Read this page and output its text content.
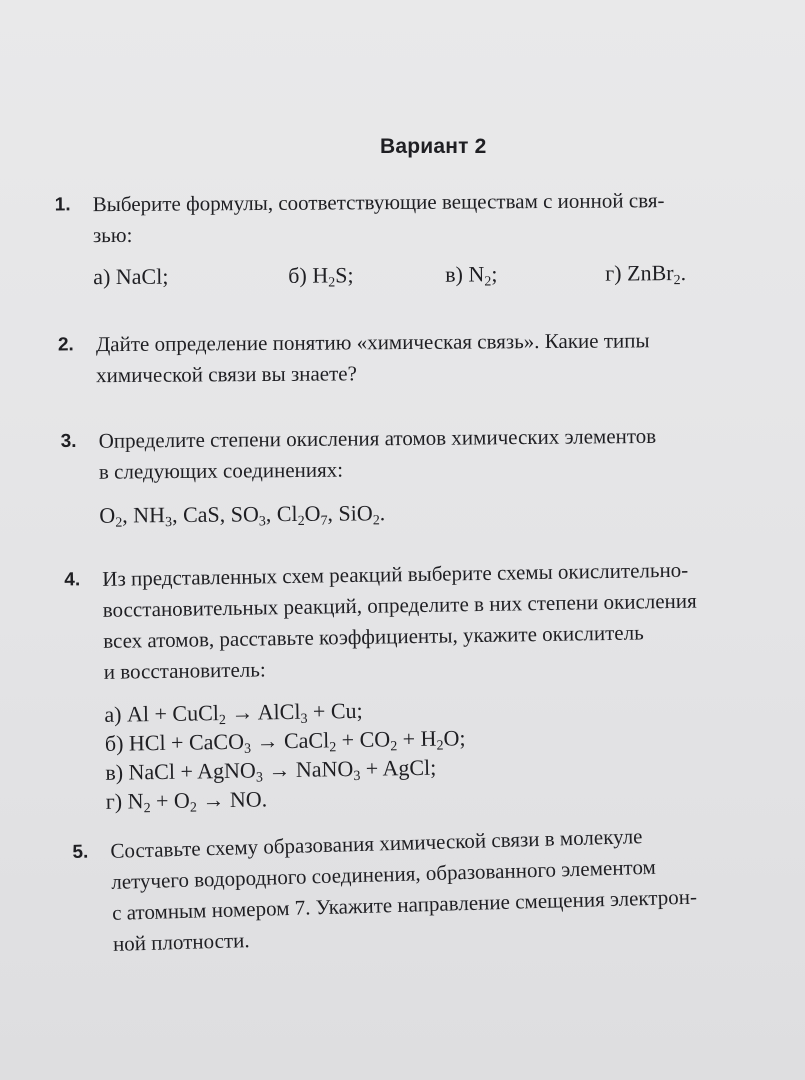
Вариант 2
1. Выберите формулы, соответствующие веществам с ионной свя-
зью:
а) NaCl;	б) $H_2S$;	в) $N_2$;	г) ZnBr$_2$.
2. Дайте определение понятию «химическая связь». Какие типы
химической связи вы знаете?
3. Определите степени окисления атомов химических элементов
в следующих соединениях:
$O_2$, $NH_3$, CaS, $SO_3$, $Cl_2O_7$, SiO$_2$.
4. Из представленных схем реакций выберите схемы окислительно-
восстановительных реакций, определите в них степени окисления
всех атомов, расставьте коэффициенты, укажите окислитель
и восстановитель:
а) Al + CuCl$_2$ → AlCl$_3$ + Cu;
б) HCl + CaCO$_3$ → CaCl$_2$ + $CO_2 + H_2O$;
в) NaCl + AgNO$_3$ → NaNO$_3$ + AgCl;
г) $N_2 + O_2$ → NO.
5. Составьте схему образования химической связи в молекуле
летучего водородного соединения, образованного элементом
с атомным номером 7. Укажите направление смещения электрон-
ной плотности.
